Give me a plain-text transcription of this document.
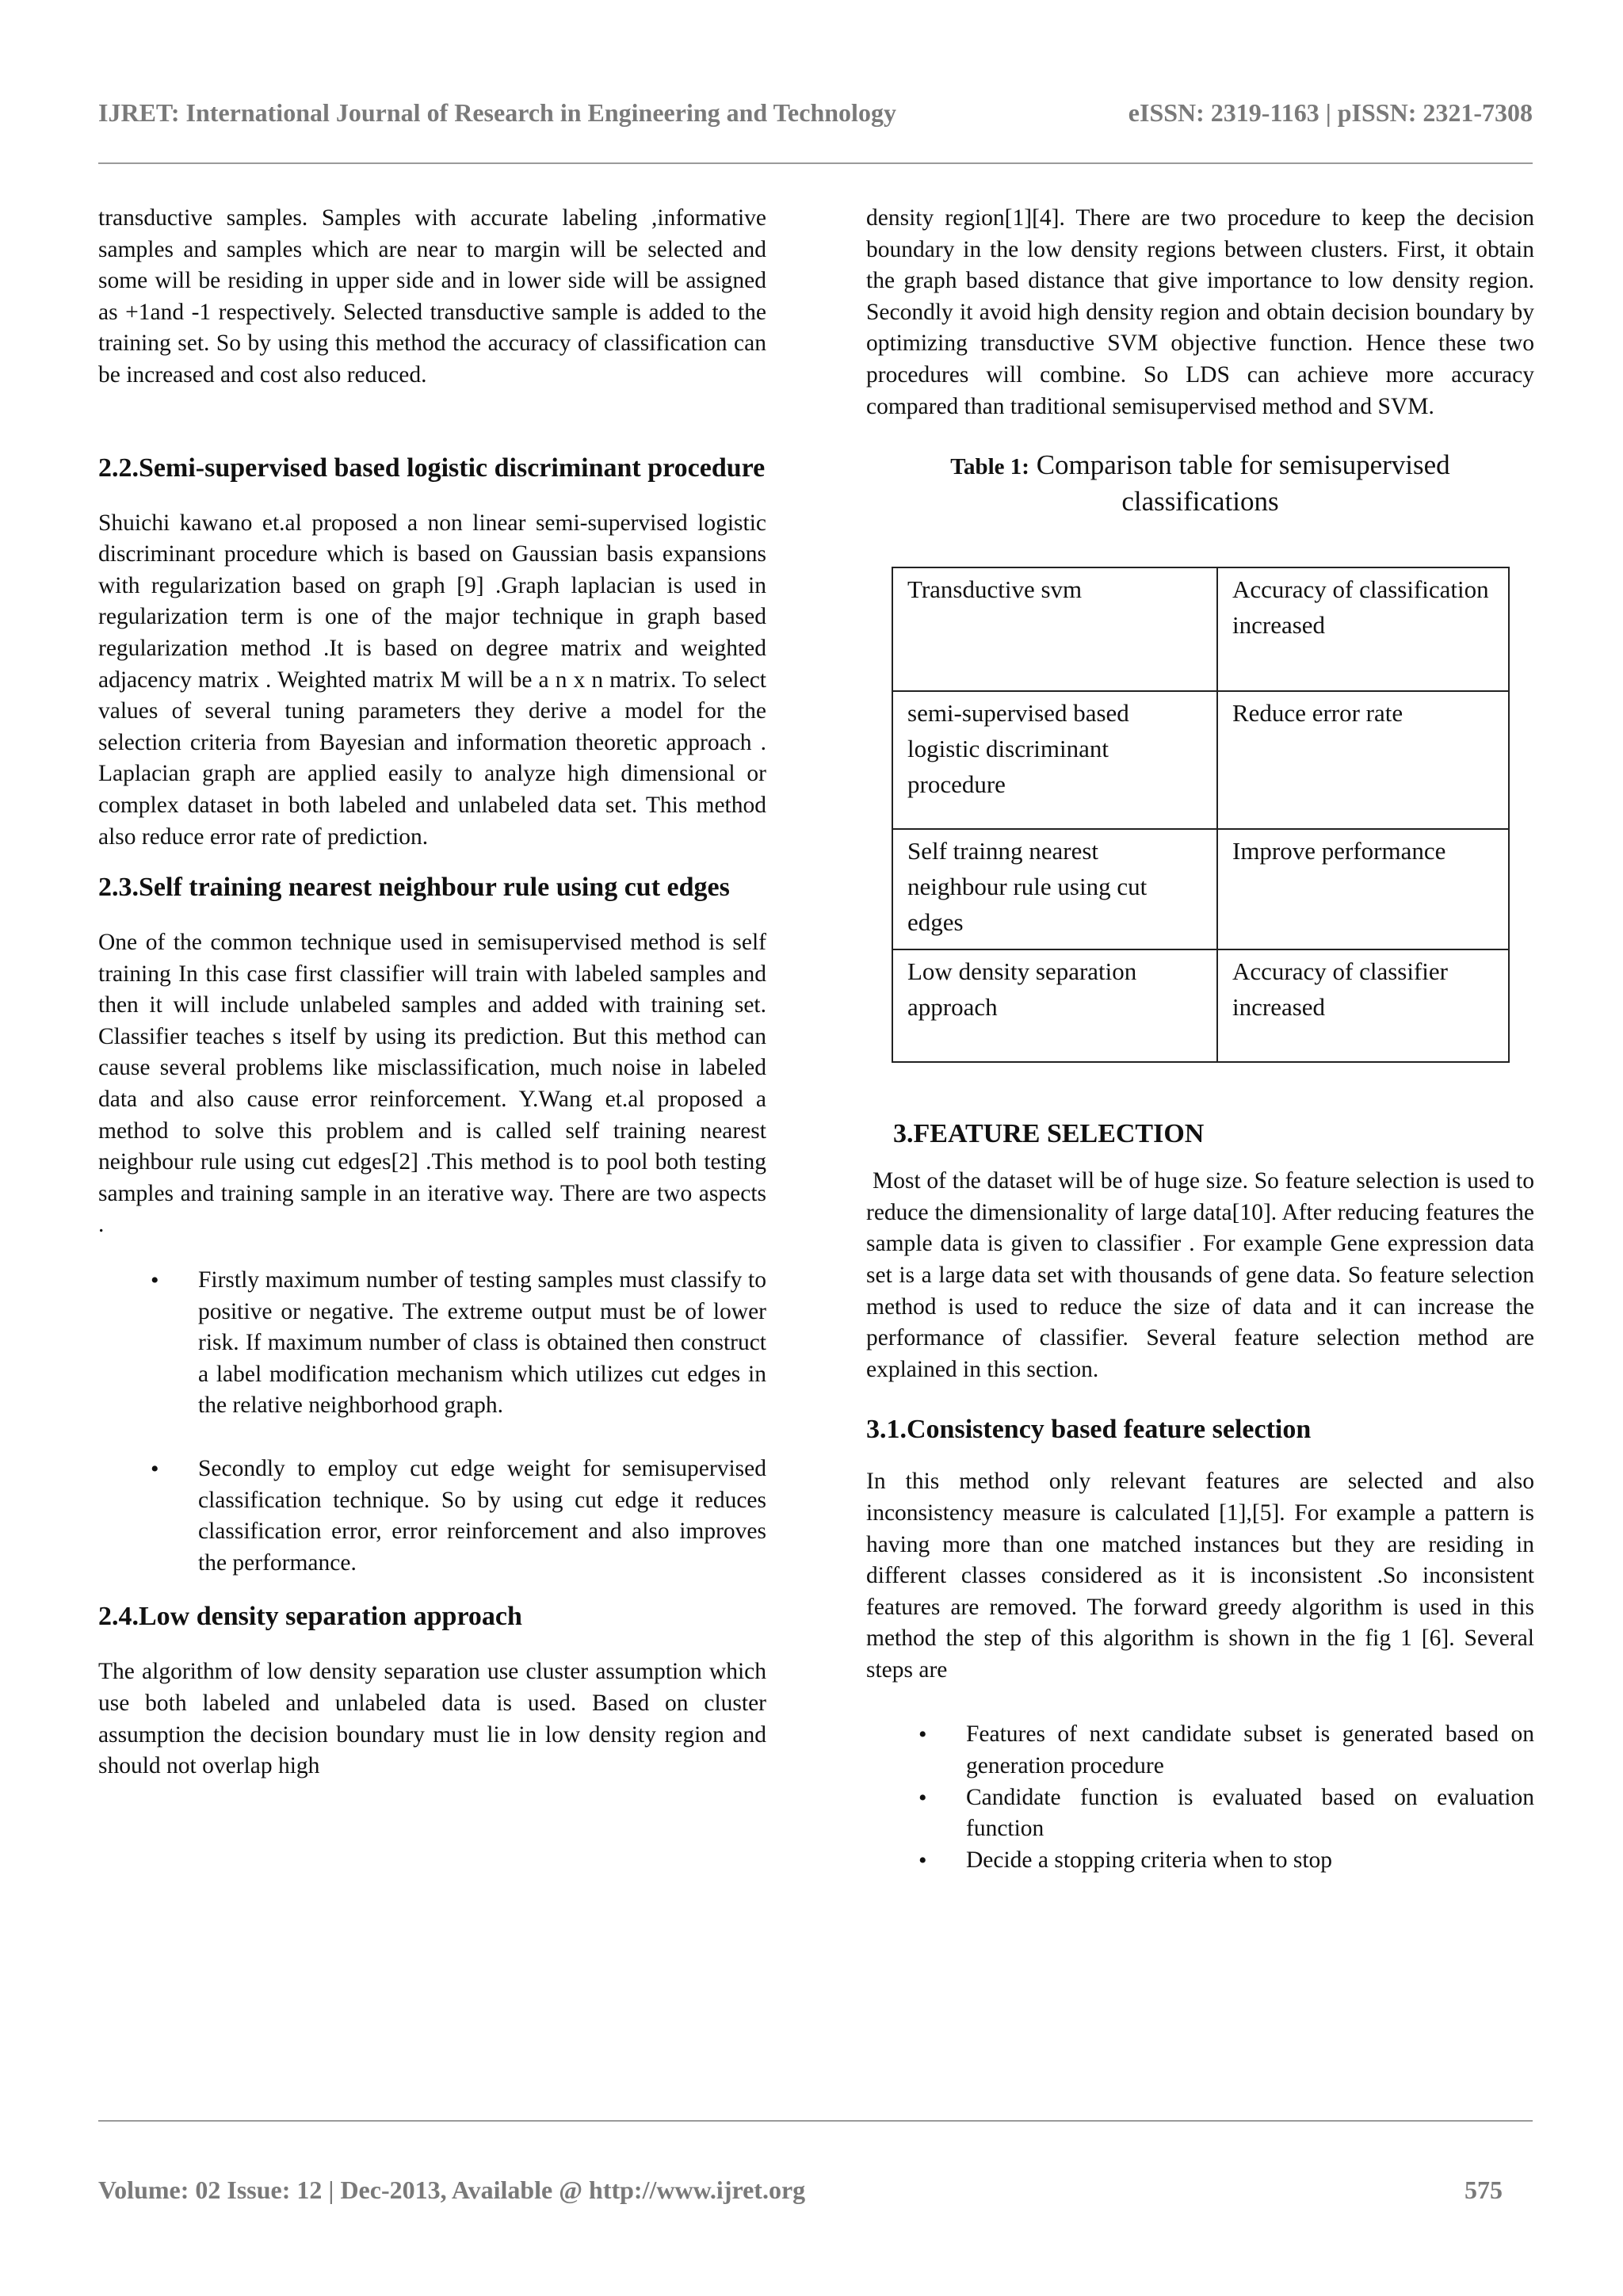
IJRET: International Journal of Research in Engineering and Technology	eISSN: 2319-1163 | pISSN: 2321-7308

transductive samples. Samples with accurate labeling ,informative samples and samples which are near to margin will be selected and some will be residing in upper side and in lower side will be assigned as +1and -1 respectively. Selected transductive sample is added to the training set. So by using this method the accuracy of classification can be increased and cost also reduced.

2.2.Semi-supervised based logistic discriminant procedure

Shuichi kawano et.al proposed a non linear semi-supervised logistic discriminant procedure which is based on Gaussian basis expansions with regularization based on graph [9] .Graph laplacian is used in regularization term is one of the major technique in graph based regularization method .It is based on degree matrix and weighted adjacency matrix . Weighted matrix M will be a n x n matrix. To select values of several tuning parameters they derive a model for the selection criteria from Bayesian and information theoretic approach . Laplacian graph are applied easily to analyze high dimensional or complex dataset in both labeled and unlabeled data set. This method also reduce error rate of prediction.

2.3.Self training nearest neighbour rule using cut edges

One of the common technique used in semisupervised method is self training In this case first classifier will train with labeled samples and then it will include unlabeled samples and added with training set. Classifier teaches s itself by using its prediction. But this method can cause several problems like misclassification, much noise in labeled data and also cause error reinforcement. Y.Wang et.al proposed a method to solve this problem and is called self training nearest neighbour rule using cut edges[2] .This method is to pool both testing samples and training sample in an iterative way. There are two aspects .

• Firstly maximum number of testing samples must classify to positive or negative. The extreme output must be of lower risk. If maximum number of class is obtained then construct a label modification mechanism which utilizes cut edges in the relative neighborhood graph.
• Secondly to employ cut edge weight for semisupervised classification technique. So by using cut edge it reduces classification error, error reinforcement and also improves the performance.
2.4.Low density separation approach

The algorithm of low density separation use cluster assumption which use both labeled and unlabeled data is used. Based on cluster assumption the decision boundary must lie in low density region and should not overlap high

density region[1][4]. There are two procedure to keep the decision boundary in the low density regions between clusters. First, it obtain the graph based distance that give importance to low density region. Secondly it avoid high density region and obtain decision boundary by optimizing transductive SVM objective function. Hence these two procedures will combine. So LDS can achieve more accuracy compared than traditional semisupervised method and SVM.

Table 1: Comparison table for semisupervised
classifications
Transductive svm	Accuracy of classification increased
semi-supervised based logistic discriminant procedure	Reduce error rate
Self trainng nearest neighbour rule using cut edges	Improve performance
Low density separation approach	Accuracy of classifier increased
3.FEATURE SELECTION

Most of the dataset will be of huge size. So feature selection is used to reduce the dimensionality of large data[10]. After reducing features the sample data is given to classifier . For example Gene expression data set is a large data set with thousands of gene data. So feature selection method is used to reduce the size of data and it can increase the performance of classifier. Several feature selection method are explained in this section.

3.1.Consistency based feature selection

In this method only relevant features are selected and also inconsistency measure is calculated [1],[5]. For example a pattern is having more than one matched instances but they are residing in different classes considered as it is inconsistent .So inconsistent features are removed. The forward greedy algorithm is used in this method the step of this algorithm is shown in the fig 1 [6]. Several steps are

• Features of next candidate subset is generated based on generation procedure
• Candidate function is evaluated based on evaluation function
• Decide a stopping criteria when to stop
Volume: 02 Issue: 12 | Dec-2013, Available @ http://www.ijret.org	575
